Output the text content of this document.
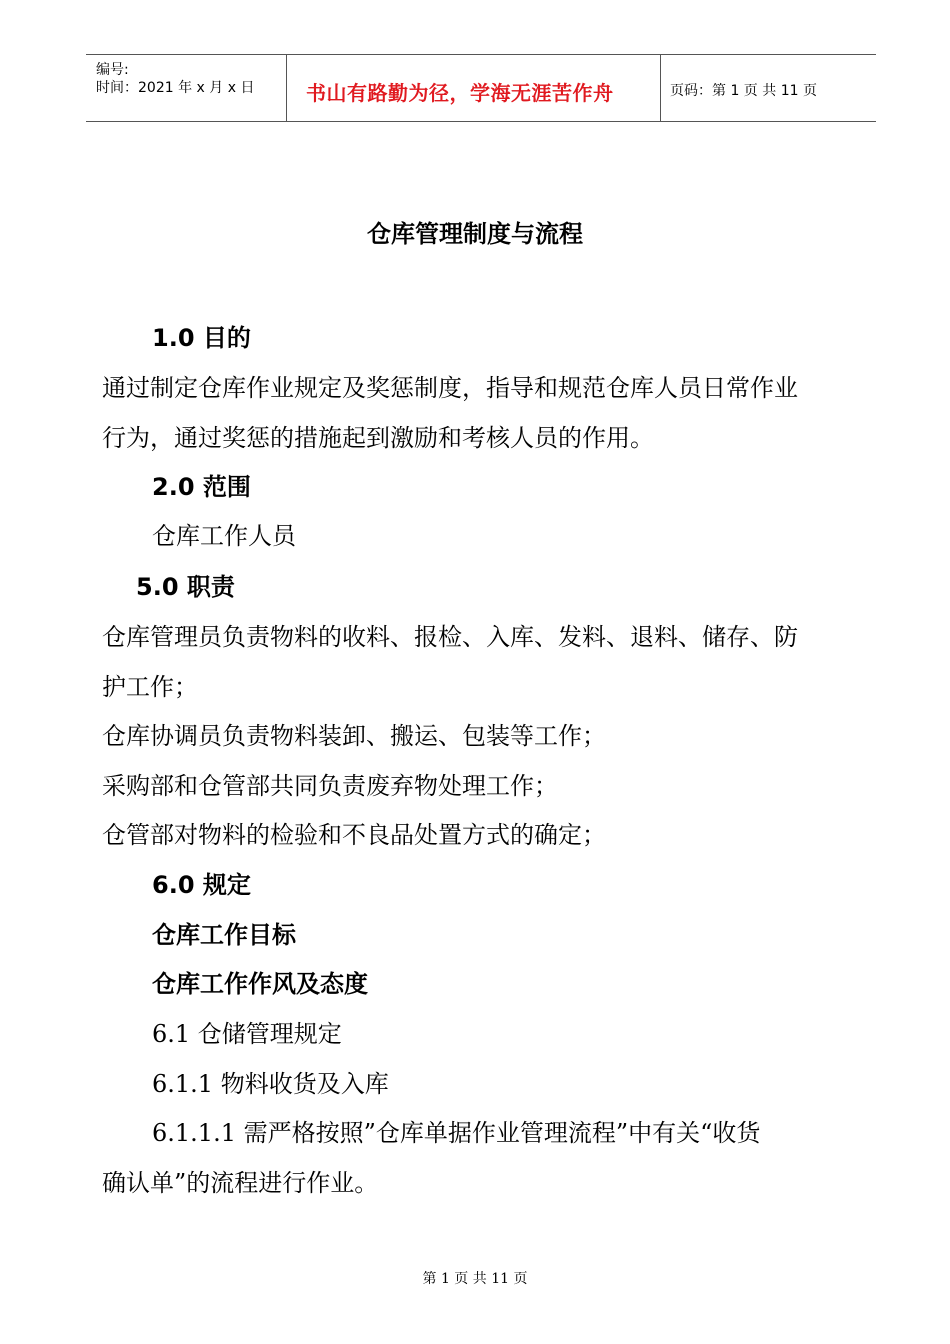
编号:
时间：2021 年 x 月 x 日	书山有路勤为径，学海无涯苦作舟	页码：第 1 页 共 11 页
仓库管理制度与流程
1.0 目的
通过制定仓库作业规定及奖惩制度，指导和规范仓库人员日常作业
行为，通过奖惩的措施起到激励和考核人员的作用。
2.0 范围
仓库工作人员
5.0 职责
仓库管理员负责物料的收料、报检、入库、发料、退料、储存、防
护工作；
仓库协调员负责物料装卸、搬运、包装等工作；
采购部和仓管部共同负责废弃物处理工作；
仓管部对物料的检验和不良品处置方式的确定；
6.0 规定
仓库工作目标
仓库工作作风及态度
6.1 仓储管理规定
6.1.1 物料收货及入库
6.1.1.1 需严格按照”仓库单据作业管理流程”中有关“收货
确认单”的流程进行作业。
第 1 页 共 11 页
